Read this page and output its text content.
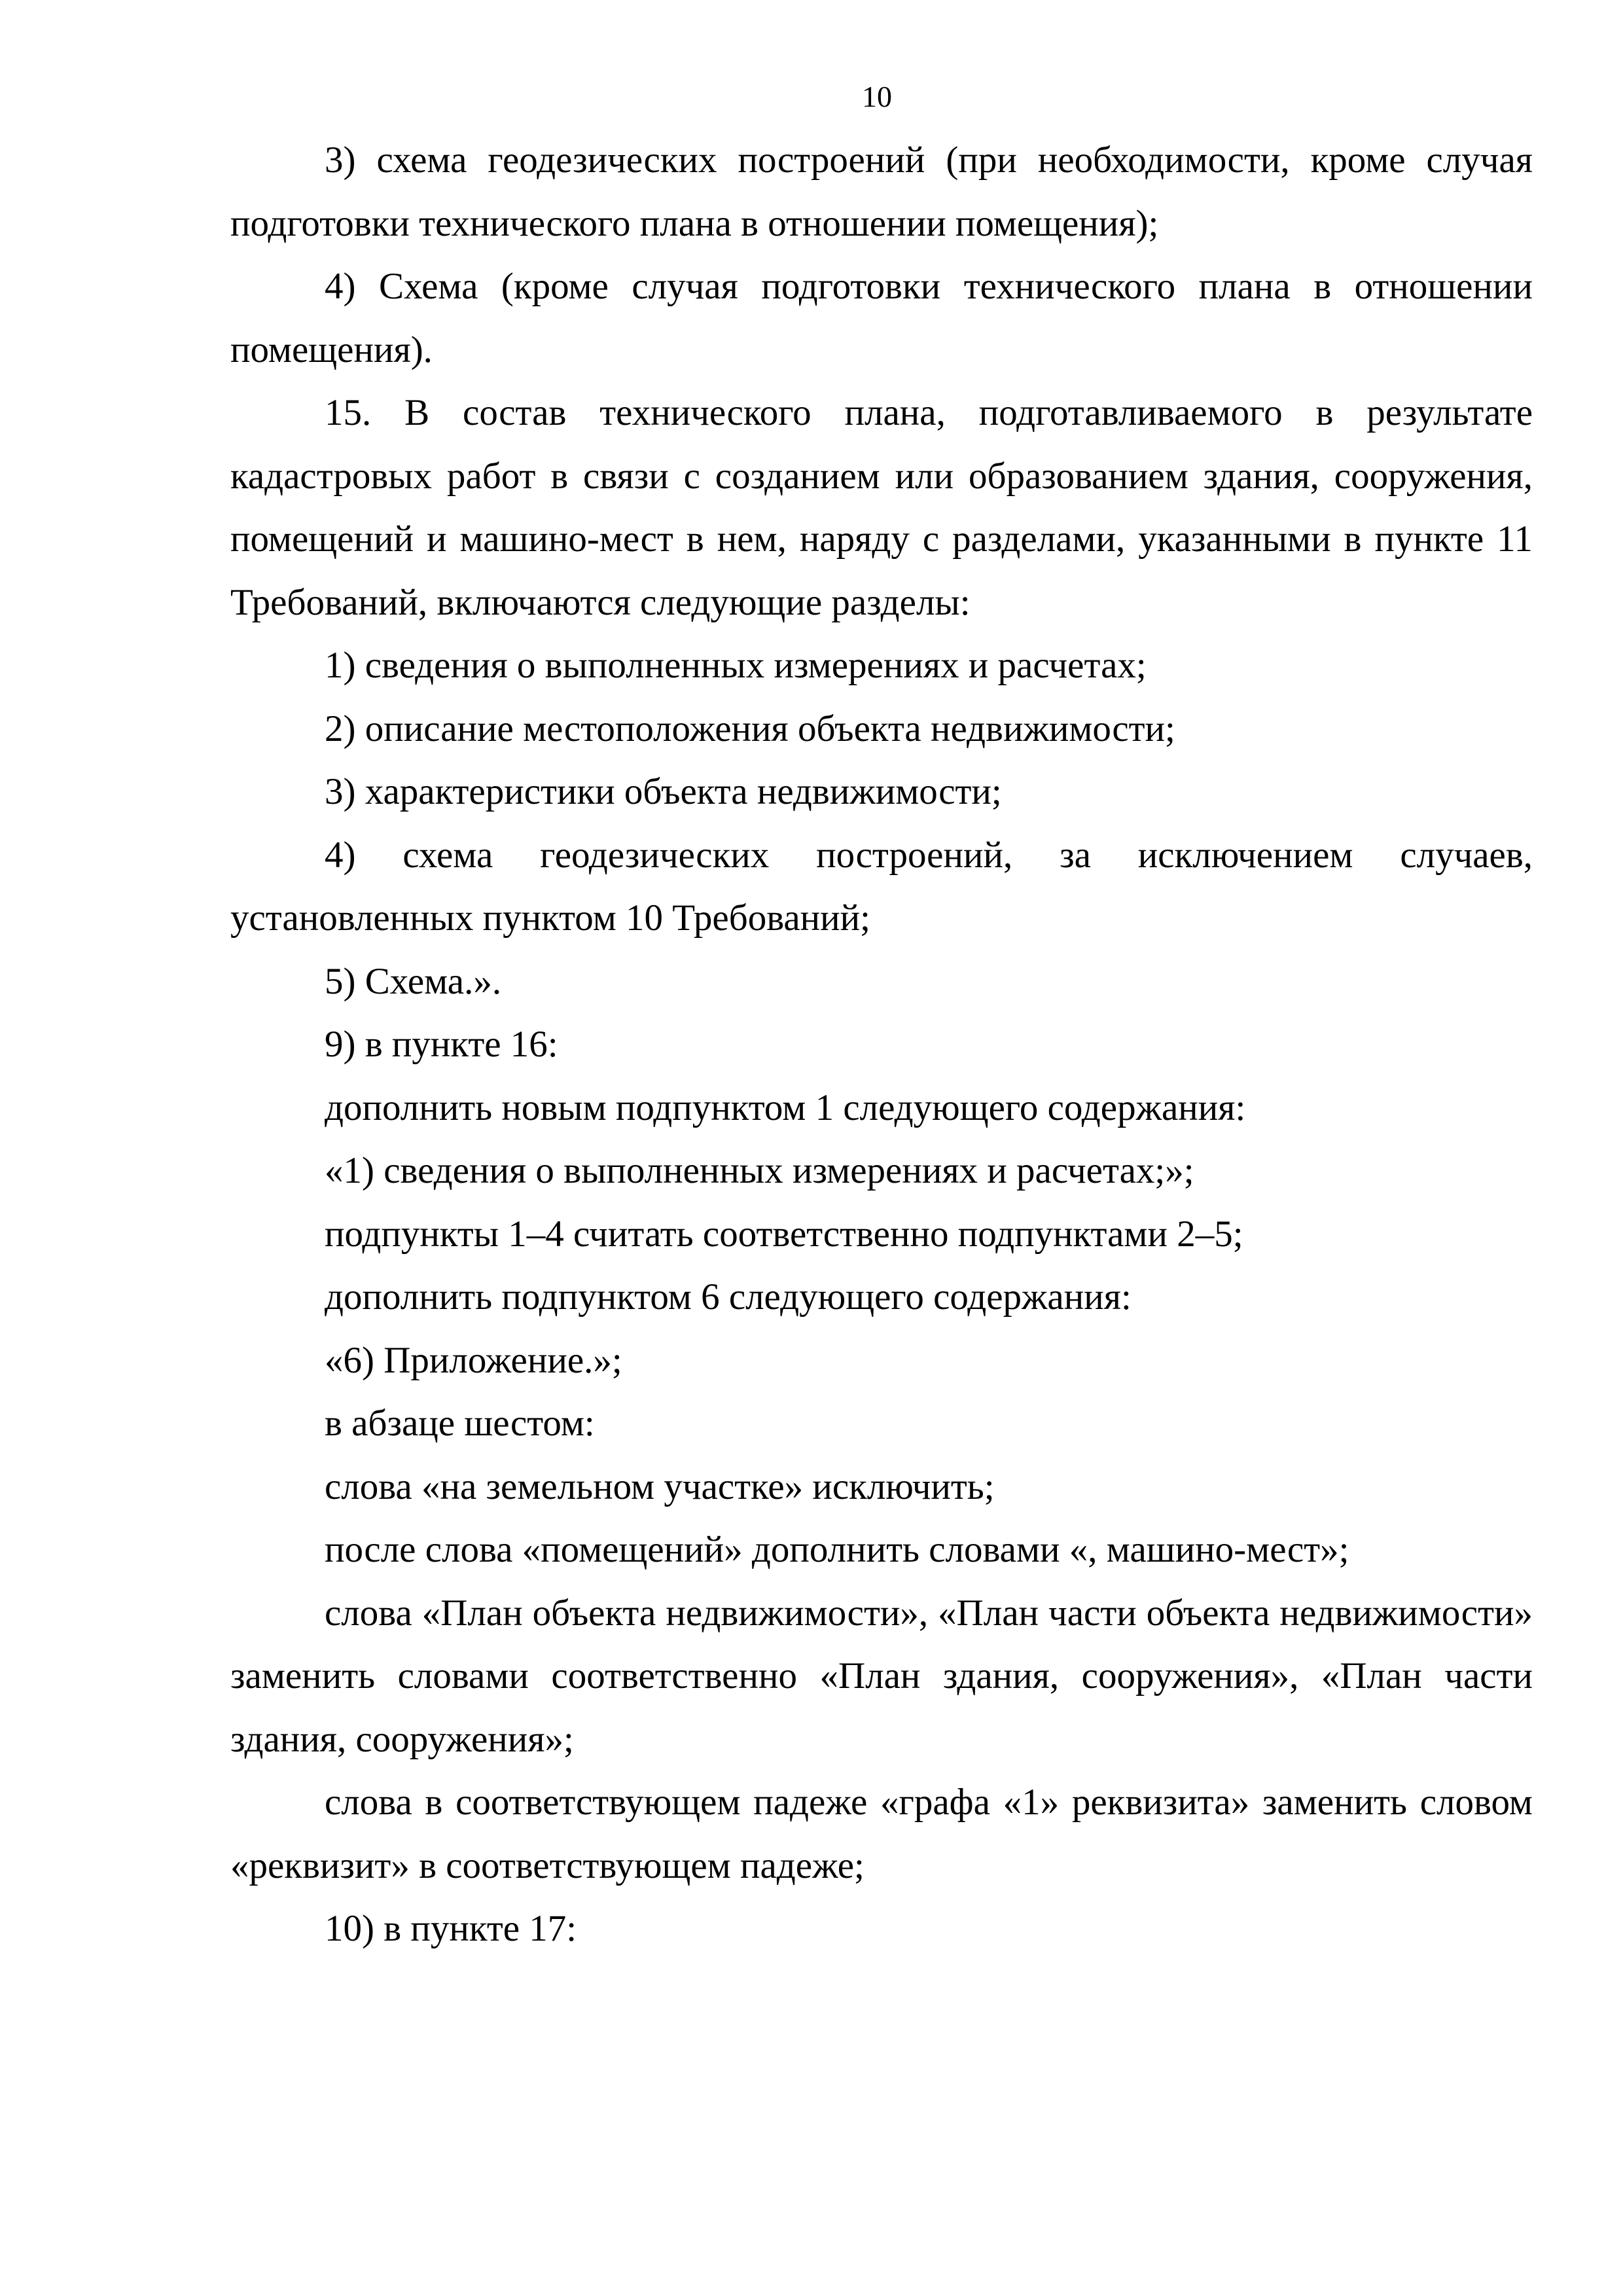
10

3) схема геодезических построений (при необходимости, кроме случая подготовки технического плана в отношении помещения);

4) Схема (кроме случая подготовки технического плана в отношении помещения).

15. В состав технического плана, подготавливаемого в результате кадастровых работ в связи с созданием или образованием здания, сооружения, помещений и машино-мест в нем, наряду с разделами, указанными в пункте 11 Требований, включаются следующие разделы:

1) сведения о выполненных измерениях и расчетах;

2) описание местоположения объекта недвижимости;

3) характеристики объекта недвижимости;

4) схема геодезических построений, за исключением случаев, установленных пунктом 10 Требований;

5) Схема.».

9) в пункте 16:

дополнить новым подпунктом 1 следующего содержания:

«1) сведения о выполненных измерениях и расчетах;»;

подпункты 1–4 считать соответственно подпунктами 2–5;

дополнить подпунктом 6 следующего содержания:

«6) Приложение.»;

в абзаце шестом:

слова «на земельном участке» исключить;

после слова «помещений» дополнить словами «, машино-мест»;

слова «План объекта недвижимости», «План части объекта недвижимости» заменить словами соответственно «План здания, сооружения», «План части здания, сооружения»;

слова в соответствующем падеже «графа «1» реквизита» заменить словом «реквизит» в соответствующем падеже;

10) в пункте 17:
